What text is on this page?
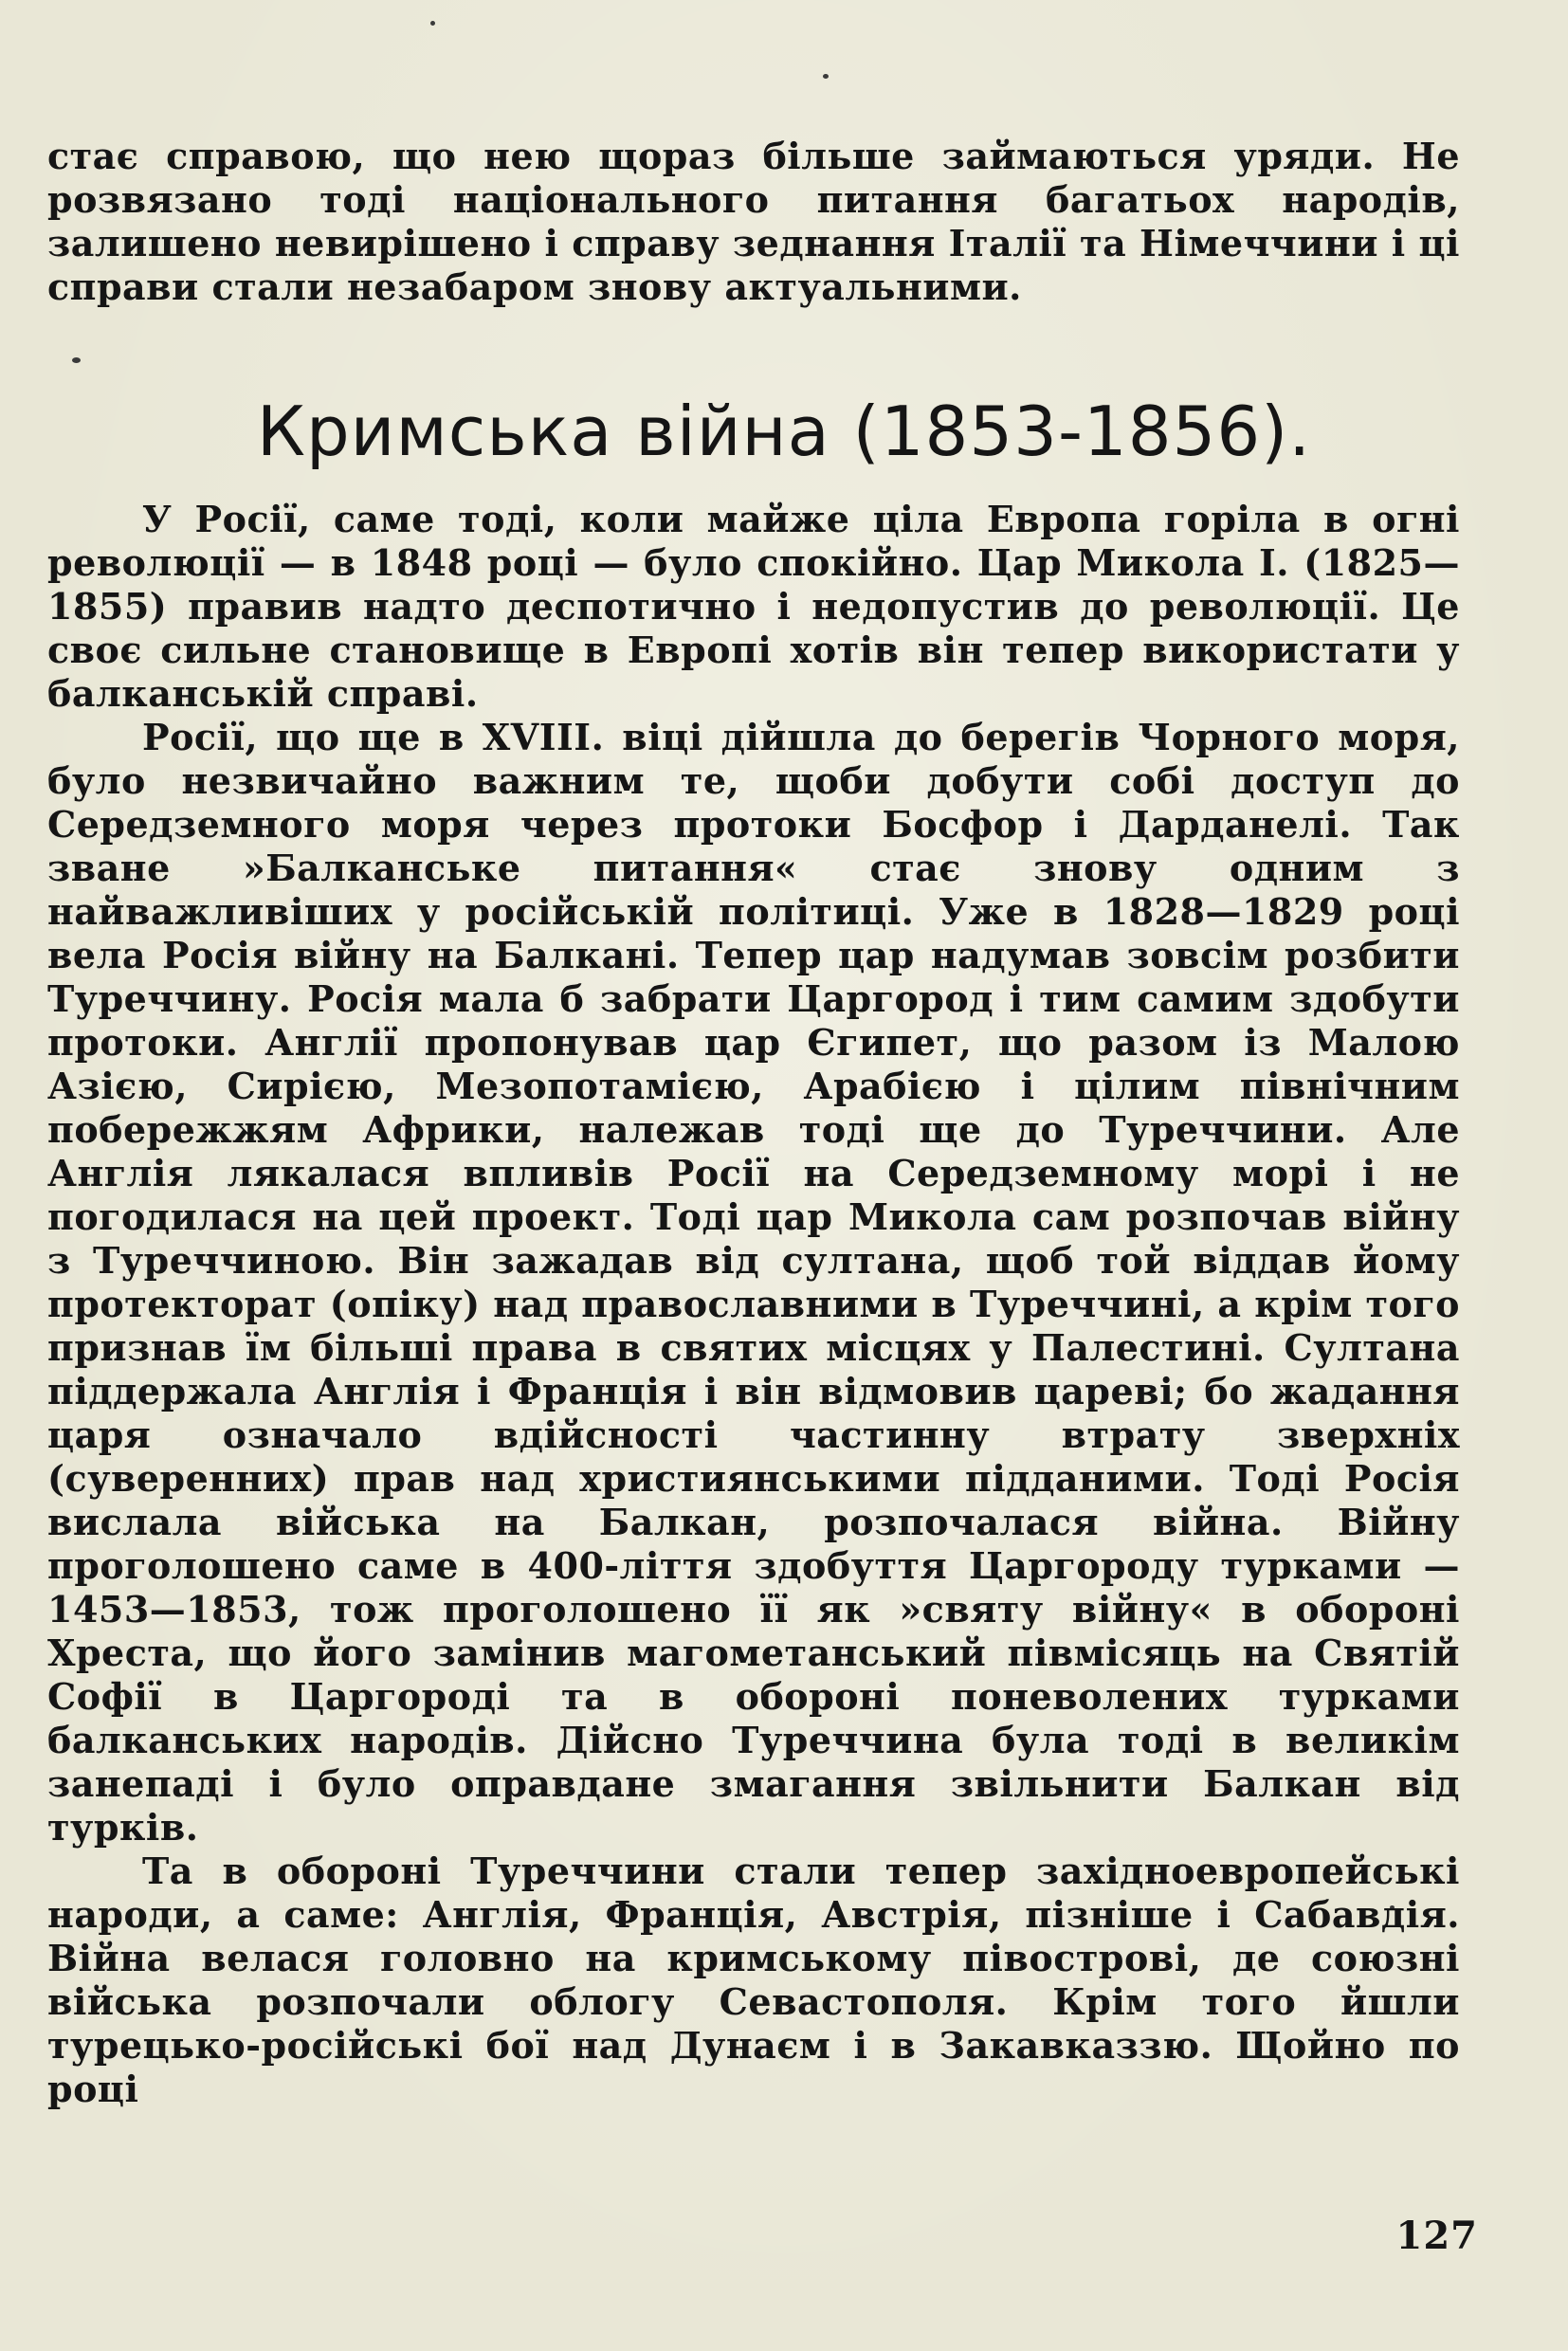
стає справою, що нею щораз більше займаються уряди. Не розвязано тоді національного питання багатьох народів, залишено невирішено і справу зеднання Італії та Німеччини і ці справи стали незабаром знову актуальними.

Кримська війна (1853-1856).

У Росії, саме тоді, коли майже ціла Европа горіла в огні революції — в 1848 році — було спокійно. Цар Микола І. (1825—1855) правив надто деспотично і недопустив до революції. Це своє сильне становище в Европі хотів він тепер використати у балканській справі.

Росії, що ще в XVIII. віці дійшла до берегів Чорного моря, було незвичайно важним те, щоби добути собі доступ до Середземного моря через протоки Босфор і Дарданелі. Так зване »Балканське питання« стає знову одним з найважливіших у російській політиці. Уже в 1828—1829 році вела Росія війну на Балкані. Тепер цар надумав зовсім розбити Туреччину. Росія мала б забрати Царгород і тим самим здобути протоки. Англії пропонував цар Єгипет, що разом із Малою Азією, Сирією, Мезопотамією, Арабією і цілим північним побережжям Африки, належав тоді ще до Туреччини. Але Англія лякалася впливів Росії на Середземному морі і не погодилася на цей проект. Тоді цар Микола сам розпочав війну з Туреччиною. Він зажадав від султана, щоб той віддав йому протекторат (опіку) над православними в Туреччині, а крім того признав їм більші права в святих місцях у Палестині. Султана піддержала Англія і Франція і він відмовив цареві; бо жадання царя означало вдійсності частинну втрату зверхніх (суверенних) прав над християнськими підданими. Тоді Росія вислала війська на Балкан, розпочалася війна. Війну проголошено саме в 400-ліття здобуття Царгороду турками — 1453—1853, тож проголошено її як »святу війну« в обороні Хреста, що його замінив магометанський півмісяць на Святій Софії в Царгороді та в обороні поневолених турками балканських народів. Дійсно Туреччина була тоді в великім занепаді і було оправдане змагання звільнити Балкан від турків.

Та в обороні Туреччини стали тепер західноевропейські народи, а саме: Англія, Франція, Австрія, пізніше і Сабавдія. Війна велася головно на кримському півострові, де союзні війська розпочали облогу Севастополя. Крім того йшли турецько-російські бої над Дунаєм і в Закавказзю. Щойно по році

127
